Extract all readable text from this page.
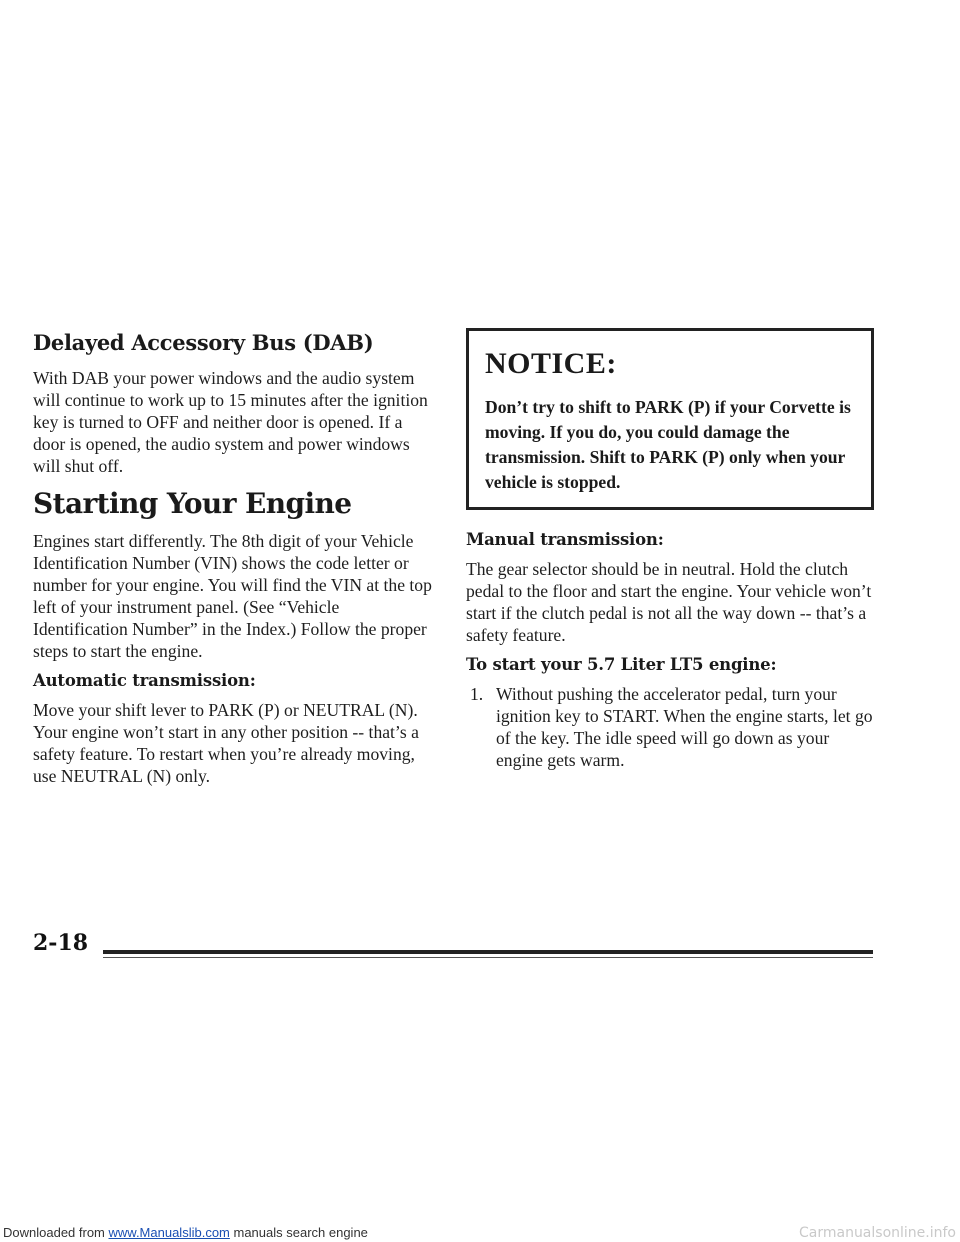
Delayed Accessory Bus (DAB)

With DAB your power windows and the audio system will continue to work up to 15 minutes after the ignition key is turned to OFF and neither door is opened. If a door is opened, the audio system and power windows will shut off.

Starting Your Engine

Engines start differently. The 8th digit of your Vehicle Identification Number (VIN) shows the code letter or number for your engine. You will find the VIN at the top left of your instrument panel. (See “Vehicle Identification Number” in the Index.) Follow the proper steps to start the engine.

Automatic transmission:

Move your shift lever to PARK (P) or NEUTRAL (N). Your engine won’t start in any other position -- that’s a safety feature. To restart when you’re already moving, use NEUTRAL (N) only.

NOTICE:

Don’t try to shift to PARK (P) if your Corvette is moving. If you do, you could damage the transmission. Shift to PARK (P) only when your vehicle is stopped.

Manual transmission:

The gear selector should be in neutral. Hold the clutch pedal to the floor and start the engine. Your vehicle won’t start if the clutch pedal is not all the way down -- that’s a safety feature.

To start your 5.7 Liter LT5 engine:
1. Without pushing the accelerator pedal, turn your ignition key to START. When the engine starts, let go of the key. The idle speed will go down as your engine gets warm.

2-18
Downloaded from www.Manualslib.com manuals search engine	Carmanualsonline.info
